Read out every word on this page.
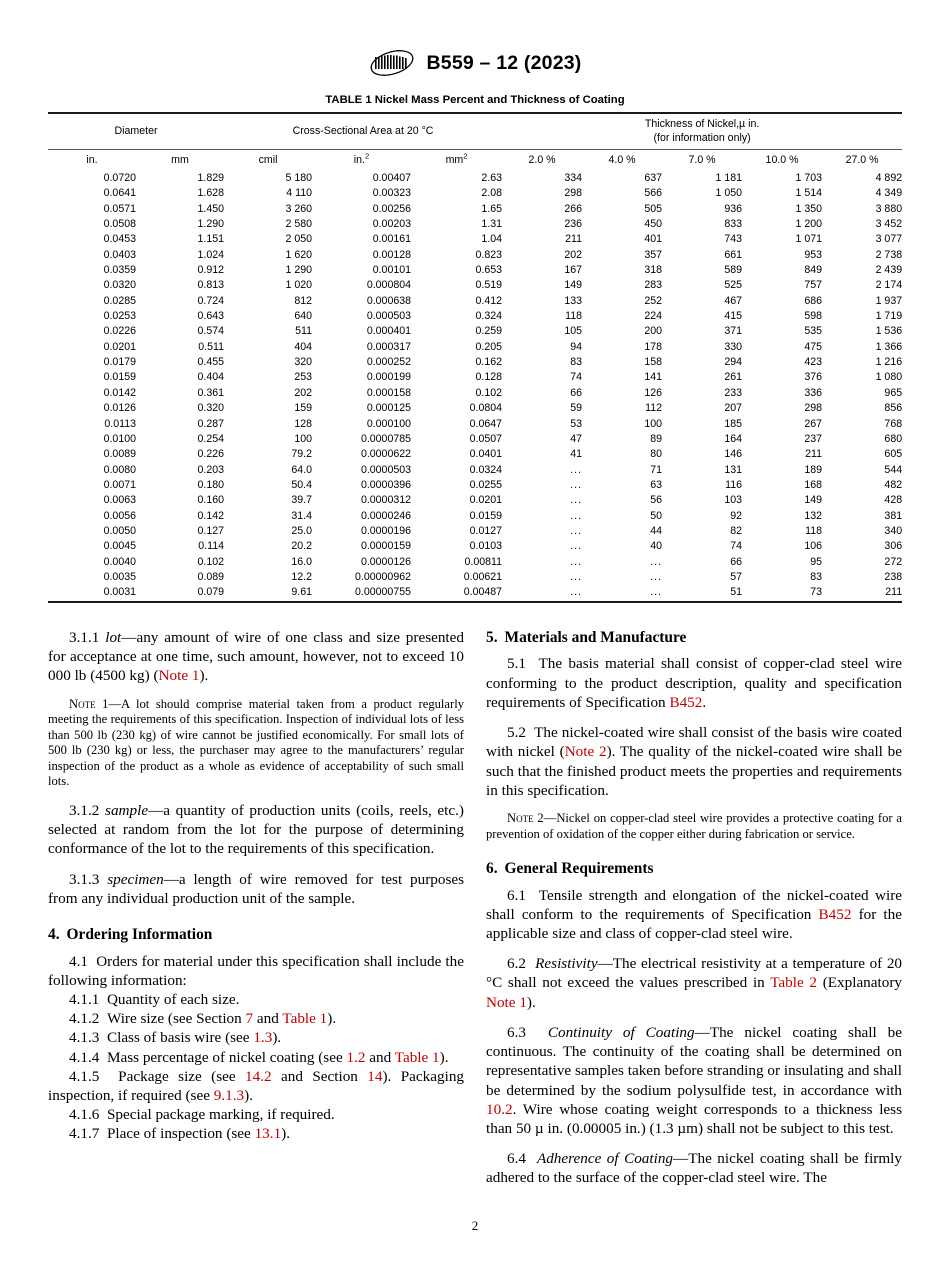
B559 – 12 (2023)
TABLE 1 Nickel Mass Percent and Thickness of Coating
Diameter		Cross-Sectional Area at 20 °C			Thickness of Nickel,µ in.
(for information only)				

in.	mm	cmil	in.$^2$	$mm^2$	2.0 %	4.0 %	7.0 %	10.0 %	27.0 %
0.0720	1.829	5 180	0.00407	2.63	334	637	1 181	1 703	4 892
0.0641	1.628	4 110	0.00323	2.08	298	566	1 050	1 514	4 349
0.0571	1.450	3 260	0.00256	1.65	266	505	936	1 350	3 880
0.0508	1.290	2 580	0.00203	1.31	236	450	833	1 200	3 452
0.0453	1.151	2 050	0.00161	1.04	211	401	743	1 071	3 077
0.0403	1.024	1 620	0.00128	0.823	202	357	661	953	2 738
0.0359	0.912	1 290	0.00101	0.653	167	318	589	849	2 439
0.0320	0.813	1 020	0.000804	0.519	149	283	525	757	2 174
0.0285	0.724	812	0.000638	0.412	133	252	467	686	1 937
0.0253	0.643	640	0.000503	0.324	118	224	415	598	1 719
0.0226	0.574	511	0.000401	0.259	105	200	371	535	1 536
0.0201	0.511	404	0.000317	0.205	94	178	330	475	1 366
0.0179	0.455	320	0.000252	0.162	83	158	294	423	1 216
0.0159	0.404	253	0.000199	0.128	74	141	261	376	1 080
0.0142	0.361	202	0.000158	0.102	66	126	233	336	965
0.0126	0.320	159	0.000125	0.0804	59	112	207	298	856
0.0113	0.287	128	0.000100	0.0647	53	100	185	267	768
0.0100	0.254	100	0.0000785	0.0507	47	89	164	237	680
0.0089	0.226	79.2	0.0000622	0.0401	41	80	146	211	605
0.0080	0.203	64.0	0.0000503	0.0324	...	71	131	189	544
0.0071	0.180	50.4	0.0000396	0.0255	...	63	116	168	482
0.0063	0.160	39.7	0.0000312	0.0201	...	56	103	149	428
0.0056	0.142	31.4	0.0000246	0.0159	...	50	92	132	381
0.0050	0.127	25.0	0.0000196	0.0127	...	44	82	118	340
0.0045	0.114	20.2	0.0000159	0.0103	...	40	74	106	306
0.0040	0.102	16.0	0.0000126	0.00811	...	...	66	95	272
0.0035	0.089	12.2	0.00000962	0.00621	...	...	57	83	238
0.0031	0.079	9.61	0.00000755	0.00487	...	...	51	73	211

3.1.1 lot—any amount of wire of one class and size presented for acceptance at one time, such amount, however, not to exceed 10 000 lb (4500 kg) (Note 1).

Note 1—A lot should comprise material taken from a product regularly meeting the requirements of this specification. Inspection of individual lots of less than 500 lb (230 kg) of wire cannot be justified economically. For small lots of 500 lb (230 kg) or less, the purchaser may agree to the manufacturers’ regular inspection of the product as a whole as evidence of acceptability of such small lots.

3.1.2 sample—a quantity of production units (coils, reels, etc.) selected at random from the lot for the purpose of determining conformance of the lot to the requirements of this specification.

3.1.3 specimen—a length of wire removed for test purposes from any individual production unit of the sample.

4. Ordering Information

4.1 Orders for material under this specification shall include the following information:

4.1.1 Quantity of each size.

4.1.2 Wire size (see Section 7 and Table 1).

4.1.3 Class of basis wire (see 1.3).

4.1.4 Mass percentage of nickel coating (see 1.2 and Table 1).

4.1.5 Package size (see 14.2 and Section 14). Packaging inspection, if required (see 9.1.3).

4.1.6 Special package marking, if required.

4.1.7 Place of inspection (see 13.1).

5. Materials and Manufacture

5.1 The basis material shall consist of copper-clad steel wire conforming to the product description, quality and specification requirements of Specification B452.

5.2 The nickel-coated wire shall consist of the basis wire coated with nickel (Note 2). The quality of the nickel-coated wire shall be such that the finished product meets the properties and requirements in this specification.

Note 2—Nickel on copper-clad steel wire provides a protective coating for a prevention of oxidation of the copper either during fabrication or service.

6. General Requirements

6.1 Tensile strength and elongation of the nickel-coated wire shall conform to the requirements of Specification B452 for the applicable size and class of copper-clad steel wire.

6.2 Resistivity—The electrical resistivity at a temperature of 20 °C shall not exceed the values prescribed in Table 2 (Explanatory Note 1).

6.3 Continuity of Coating—The nickel coating shall be continuous. The continuity of the coating shall be determined on representative samples taken before stranding or insulating and shall be determined by the sodium polysulfide test, in accordance with 10.2. Wire whose coating weight corresponds to a thickness less than 50 µ in. (0.00005 in.) (1.3 µm) shall not be subject to this test.

6.4 Adherence of Coating—The nickel coating shall be firmly adhered to the surface of the copper-clad steel wire. The

2
